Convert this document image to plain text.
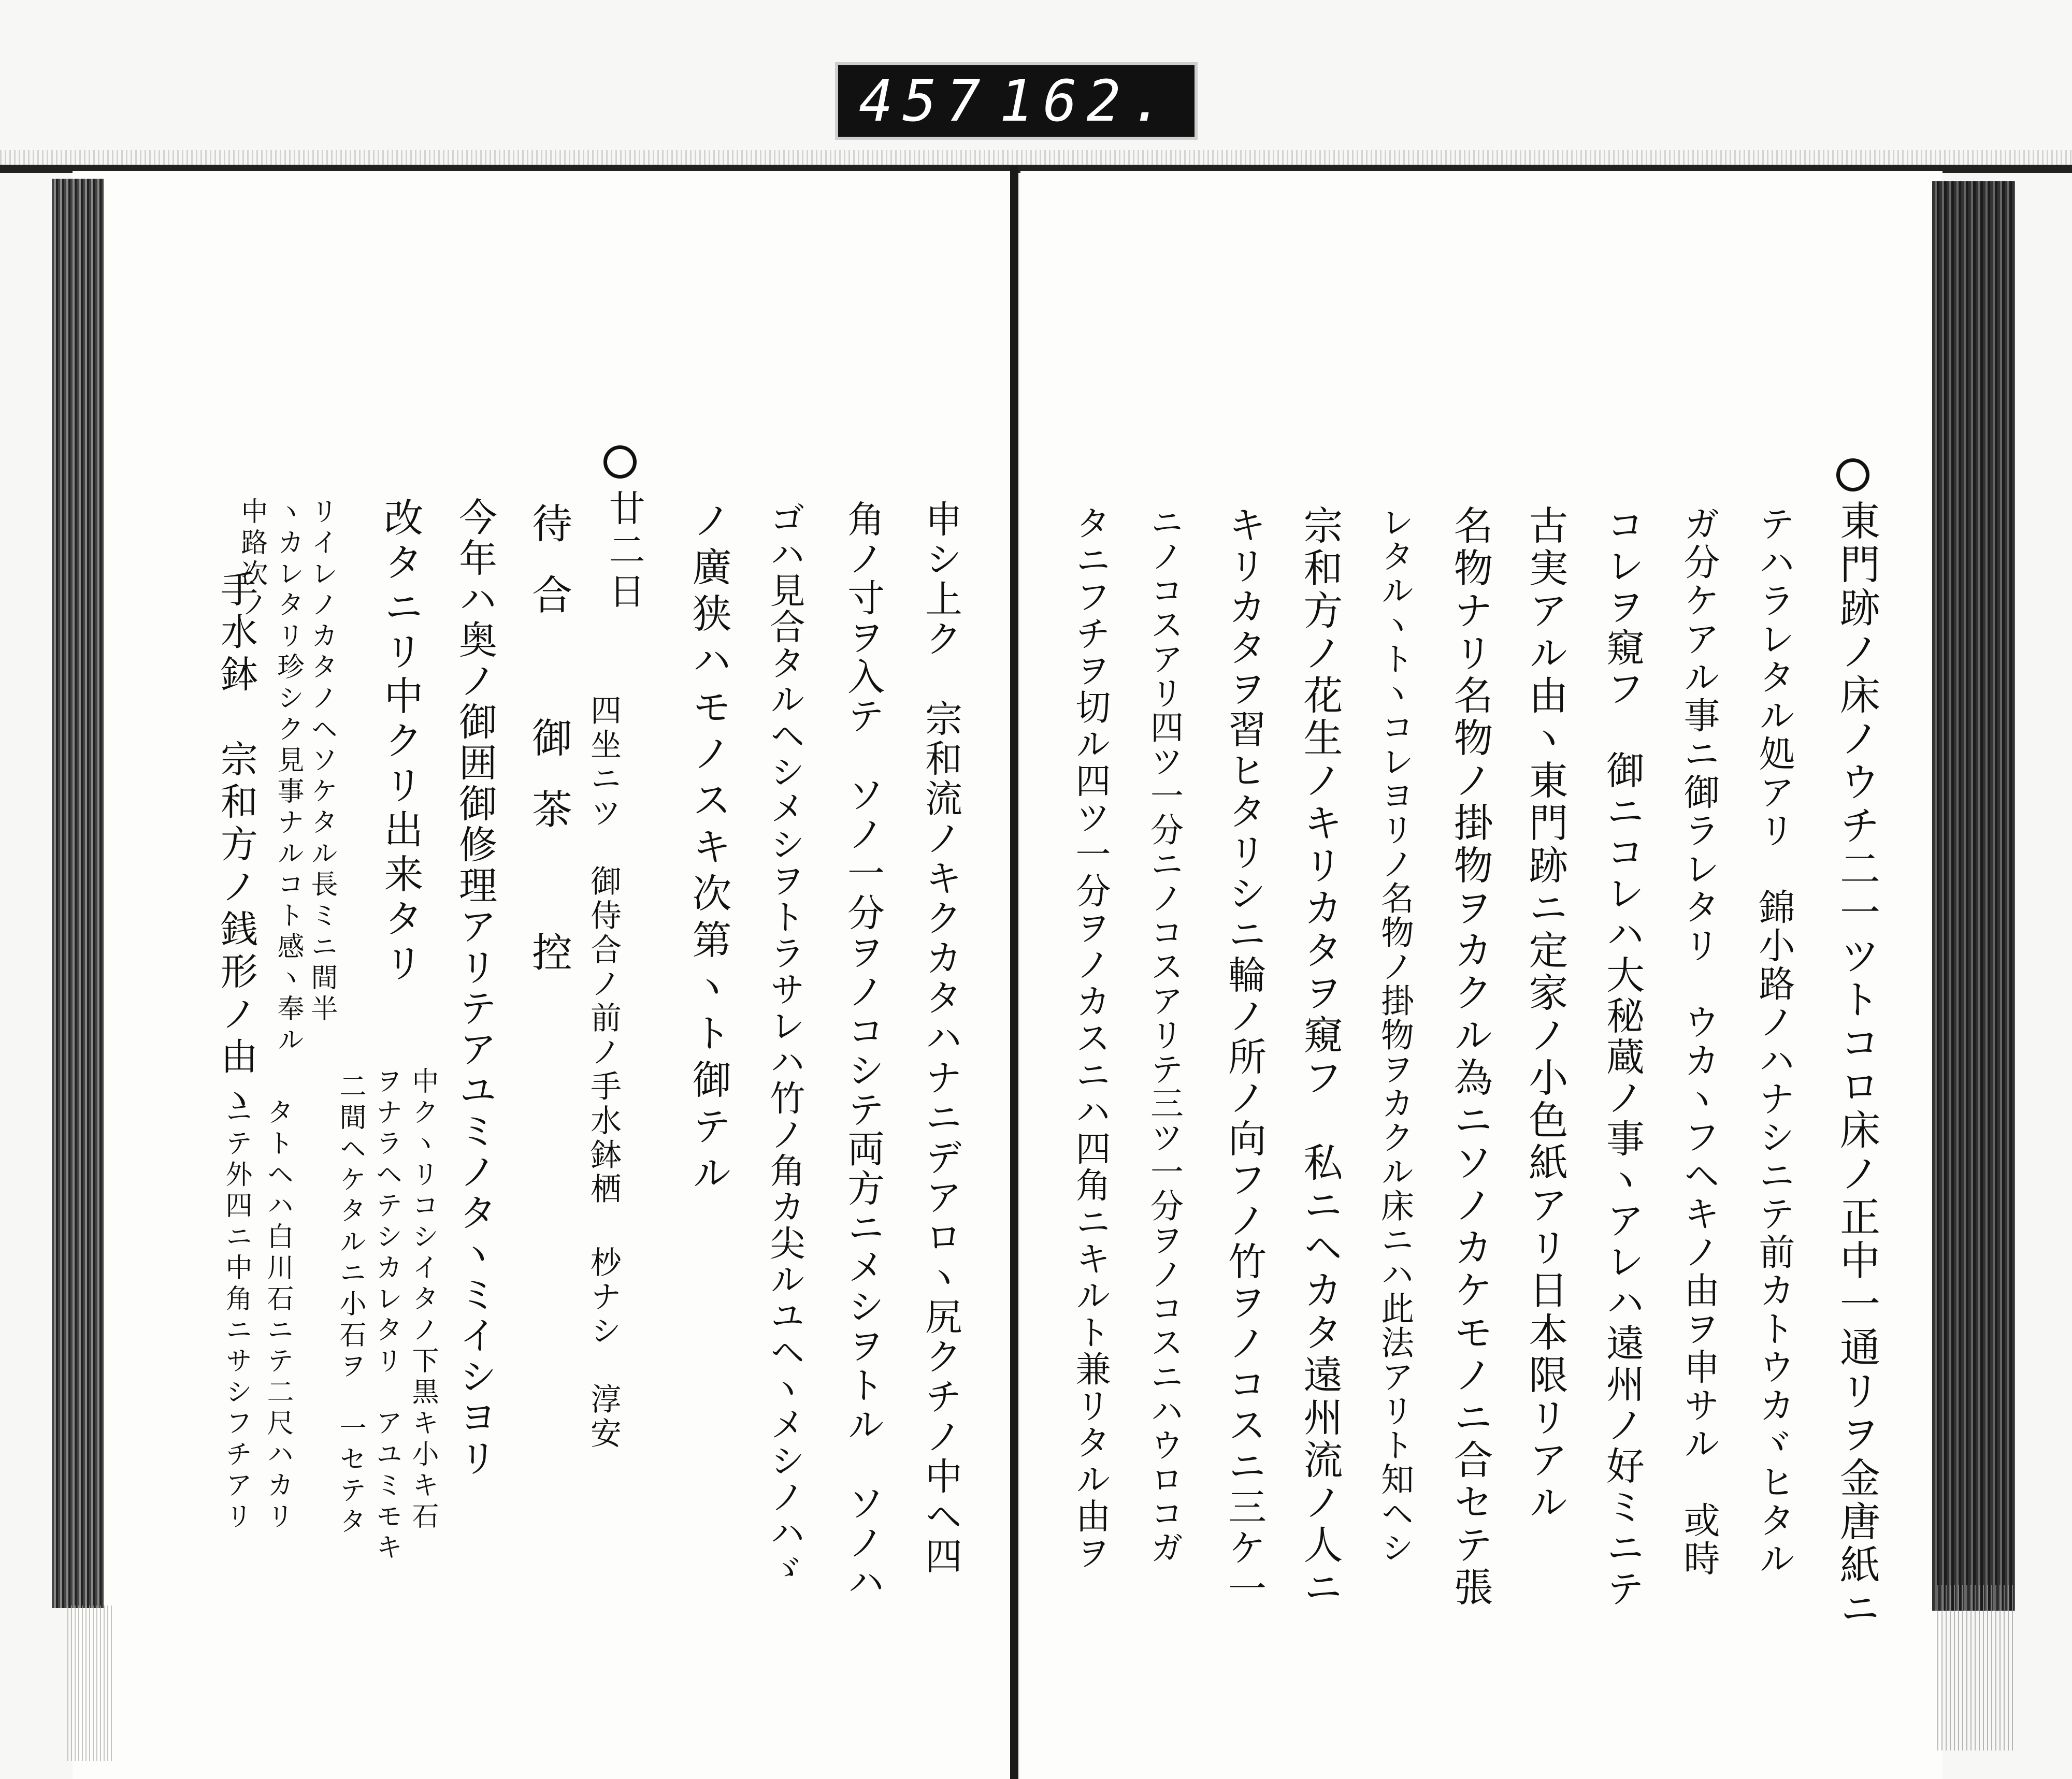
457 162.
東門跡ノ床ノウチ二一ツトコロ床ノ正中一通リヲ金唐紙ニ
テハラレタル処アリ　錦小路ノハナシニテ前カトウカヾヒタル
ガ分ケアル事ニ御ラレタリ　ウカヽフヘキノ由ヲ申サル　或時
コレヲ窺フ　御ニコレハ大秘蔵ノ事ヽアレハ遠州ノ好ミニテ
古実アル由ヽ東門跡ニ定家ノ小色紙アリ日本限リアル
名物ナリ名物ノ掛物ヲカクル為ニソノカケモノニ合セテ張
レタルヽトヽコレヨリノ名物ノ掛物ヲカクル床ニハ此法アリト知ヘシ
宗和方ノ花生ノキリカタヲ窺フ　私ニヘカタ遠州流ノ人ニ
キリカタヲ習ヒタリシニ輪ノ所ノ向フノ竹ヲノコスニ三ケ一
ニノコスアリ四ツ一分ニノコスアリテ三ツ一分ヲノコスニハウロコガ
タニフチヲ切ル四ツ一分ヲノカスニハ四角ニキルト兼リタル由ヲ
申シ上ク　宗和流ノキクカタハナニデアロヽ尻クチノ中ヘ四
角ノ寸ヲ入テ　ソノ一分ヲノコシテ両方ニメシヲトル　ソノハ
ゴハ見合タルヘシメシヲトラサレハ竹ノ角カ尖ルユヘヽメシノハゞ
ノ廣狭ハモノスキ次第ヽト御テル
廿二日
待合　御茶　控 四坐ニツ　御侍合ノ前ノ手水鉢栖 杪ナシ　淳安
今年ハ奥ノ御囲御修理アリテアユミノタヽミイシヨリ
改タニリ中クリ出来タリ
中クヽリコシイタノ下黒キ小キ石
リイレノカタノヘソケタル長ミニ間半
ヲナラヘテシカレタリ　アユミモキ
ヽカレタリ珍シク見事ナルコト感ヽ奉ル
二間ヘケタルニ小石ヲ　一セテタ
中路次ノ
手水鉢　宗和方ノ銭形ノ由ヽ
タトヘハ白川石ニテ二尺ハカリ
ニテ外四ニ中角ニサシフチアリ
